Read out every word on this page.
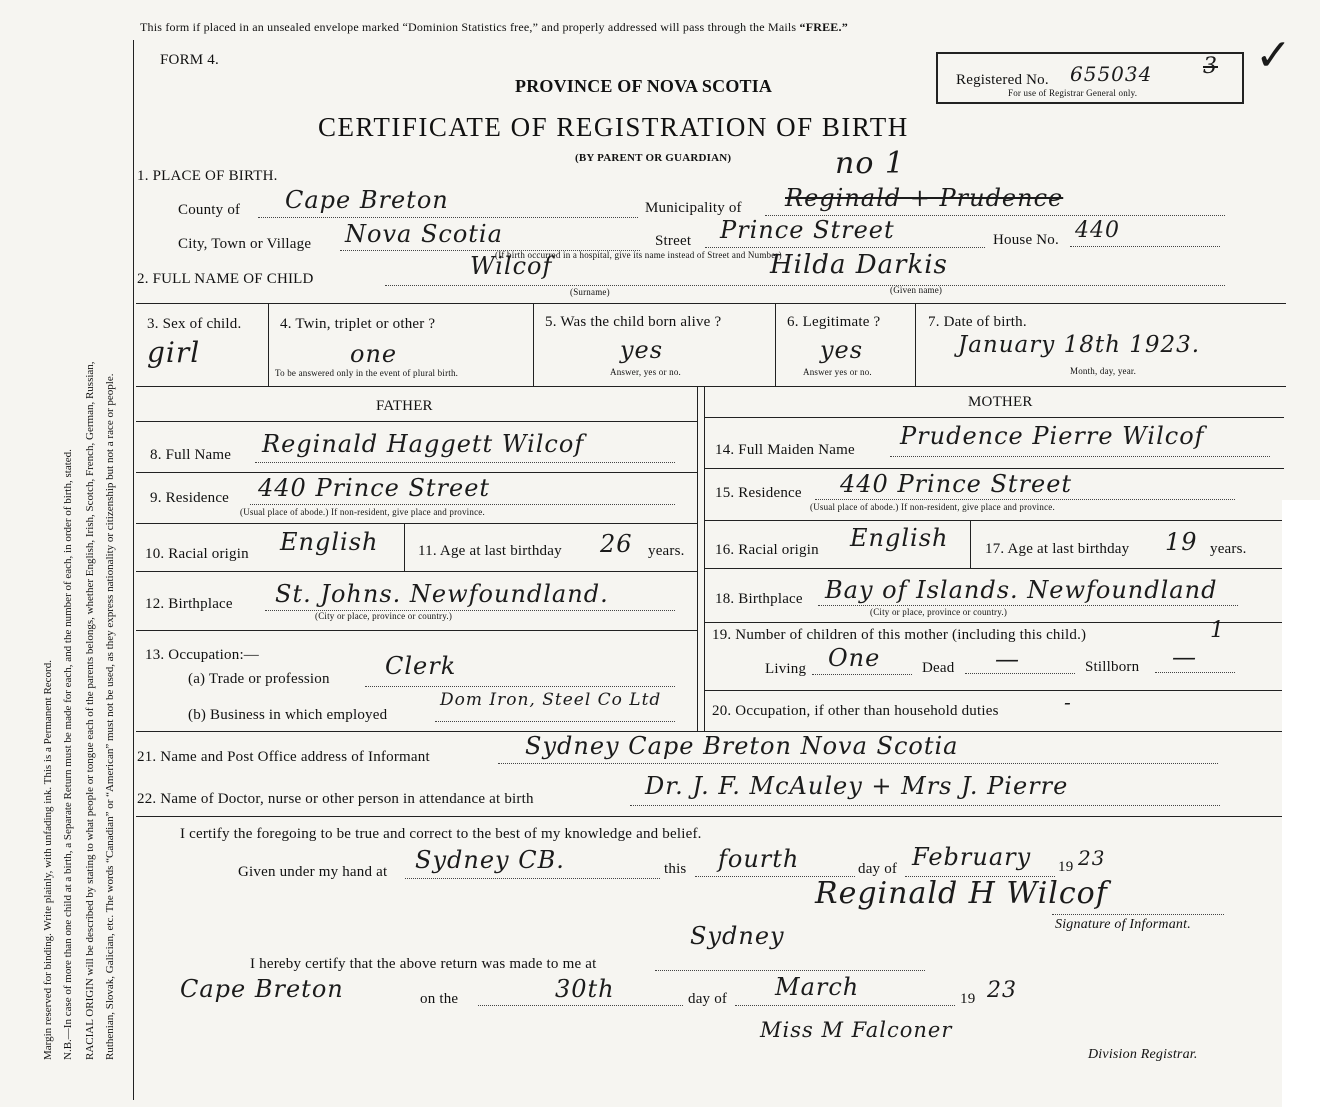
Margin reserved for binding. Write plainly, with unfading ink. This is a Permanent Record. N.B.—In case of more than one child at a birth, a Separate Return must be made for each, and the number of each, in order of birth, stated. RACIAL ORIGIN will be described by stating to what people or tongue each of the parents belongs, whether English, Irish, Scotch, French, German, Russian, Ruthenian, Slovak, Galician, etc. The words “Canadian” or “American” must not be used, as they express nationality or citizenship but not a race or people.
This form if placed in an unsealed envelope marked “Dominion Statistics free,” and properly addressed will pass through the Mails “FREE.”
FORM 4.
PROVINCE OF NOVA SCOTIA
CERTIFICATE OF REGISTRATION OF BIRTH
(BY PARENT OR GUARDIAN)
Registered No. 655034 3
For use of Registrar General only.
✓
1. PLACE OF BIRTH.
County of Cape Breton	Municipality of Reginald + Prudence
no 1
City, Town or Village Nova Scotia	Street Prince Street	House No. 440
(If birth occurred in a hospital, give its name instead of Street and Number)
2. FULL NAME OF CHILD	Wilcof
(Surname)
Hilda Darkis
(Given name)
3. Sex of child.
girl
4. Twin, triplet or other ?
one
To be answered only in the event of plural birth.
5. Was the child born alive ?
yes
Answer, yes or no.
6. Legitimate ?
yes
Answer yes or no.
7. Date of birth.
January 18th 1923.
Month, day, year.
FATHER	MOTHER
8. Full Name Reginald Haggett Wilcof
9. Residence 440 Prince Street
(Usual place of abode.) If non-resident, give place and province.
10. Racial origin English	11. Age at last birthday 26 years.
12. Birthplace St. Johns. Newfoundland.
(City or place, province or country.)
13. Occupation:—
(a) Trade or profession Clerk
(b) Business in which employed
Dom Iron, Steel Co Ltd
14. Full Maiden Name Prudence Pierre Wilcof
15. Residence 440 Prince Street
(Usual place of abode.) If non-resident, give place and province.
16. Racial origin English 17. Age at last birthday 19 years.
18. Birthplace Bay of Islands. Newfoundland
(City or place, province or country.)
19. Number of children of this mother (including this child.)	1
Living One	Dead —	Stillborn —
20. Occupation, if other than household duties	-
21. Name and Post Office address of Informant	Sydney Cape Breton Nova Scotia
22. Name of Doctor, nurse or other person in attendance at birth	Dr. J. F. McAuley + Mrs J. Pierre
I certify the foregoing to be true and correct to the best of my knowledge and belief.
Given under my hand at Sydney CB.	this fourth	day of February 19 23
Reginald H Wilcof
Signature of Informant.
I hereby certify that the above return was made to me at
Sydney
Cape Breton	on the	30th	day of March	19 23
Miss M Falconer
Division Registrar.
